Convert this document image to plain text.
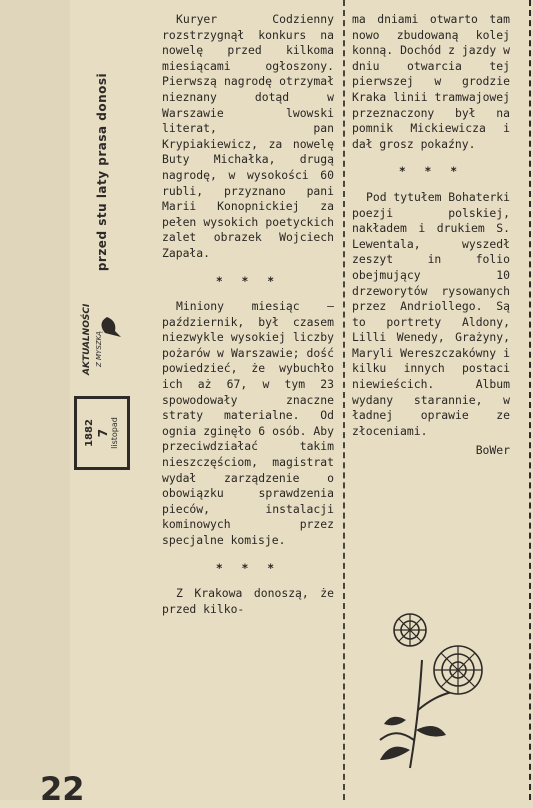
przed stu laty prasa donosi
AKTUALNOŚCI Z MYSZKĄ
1882 7 listopad

Kuryer Codzienny rozstrzygnął konkurs na nowelę przed kilkoma miesiącami ogłoszony. Pierwszą nagrodę otrzymał nieznany dotąd w Warszawie lwowski literat, pan Krypiakiewicz, za nowelę Buty Michałka, drugą nagrodę, w wysokości 60 rubli, przyznano pani Marii Konopnickiej za pełen wysokich poetyckich zalet obrazek Wojciech Zapała.

* * *

Miniony miesiąc — październik, był czasem niezwykle wysokiej liczby pożarów w Warszawie; dość powiedzieć, że wybuchło ich aż 67, w tym 23 spowodowały znaczne straty materialne. Od ognia zginęło 6 osób. Aby przeciwdziałać takim nieszczęściom, magistrat wydał zarządzenie o obowiązku sprawdzenia pieców, instalacji kominowych przez specjalne komisje.

* * *

Z Krakowa donoszą, że przed kilko-

ma dniami otwarto tam nowo zbudowaną kolej konną. Dochód z jazdy w dniu otwarcia tej pierwszej w grodzie Kraka linii tramwajowej przeznaczony był na pomnik Mickiewicza i dał grosz pokaźny.

* * *

Pod tytułem Bohaterki poezji polskiej, nakładem i drukiem S. Lewentala, wyszedł zeszyt in folio obejmujący 10 drzeworytów rysowanych przez Andriollego. Są to portrety Aldony, Lilli Wenedy, Grażyny, Maryli Wereszczakówny i kilku innych postaci niewieścich. Album wydany starannie, w ładnej oprawie ze złoceniami.

BoWer
22
